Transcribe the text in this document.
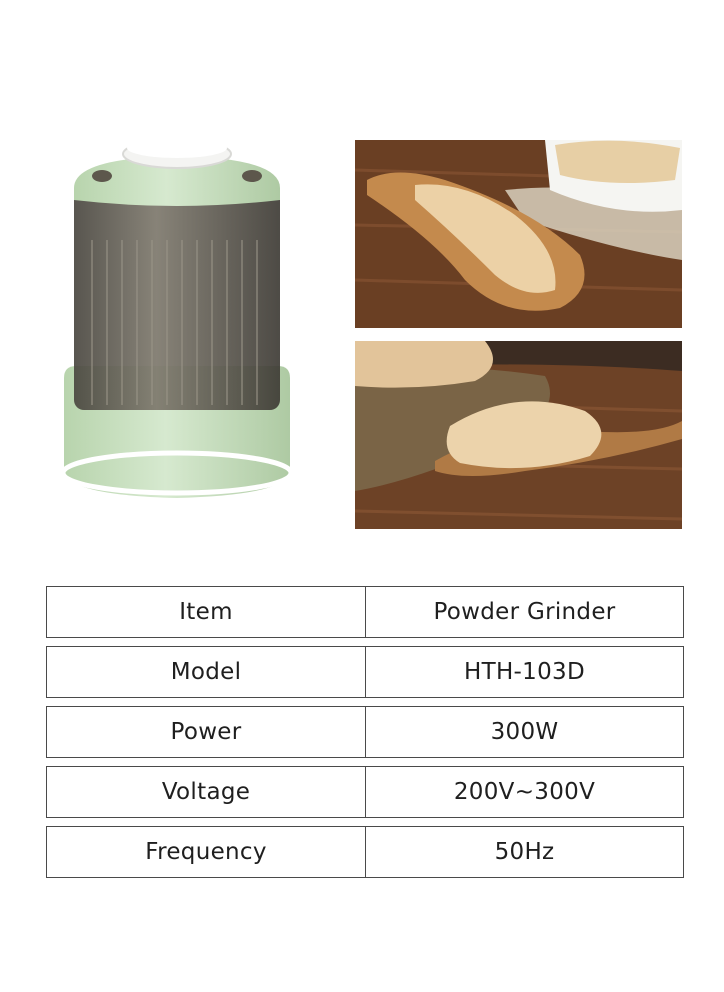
Item	Powder Grinder
Model	HTH-103D
Power	300W
Voltage	200V~300V
Frequency	50Hz
